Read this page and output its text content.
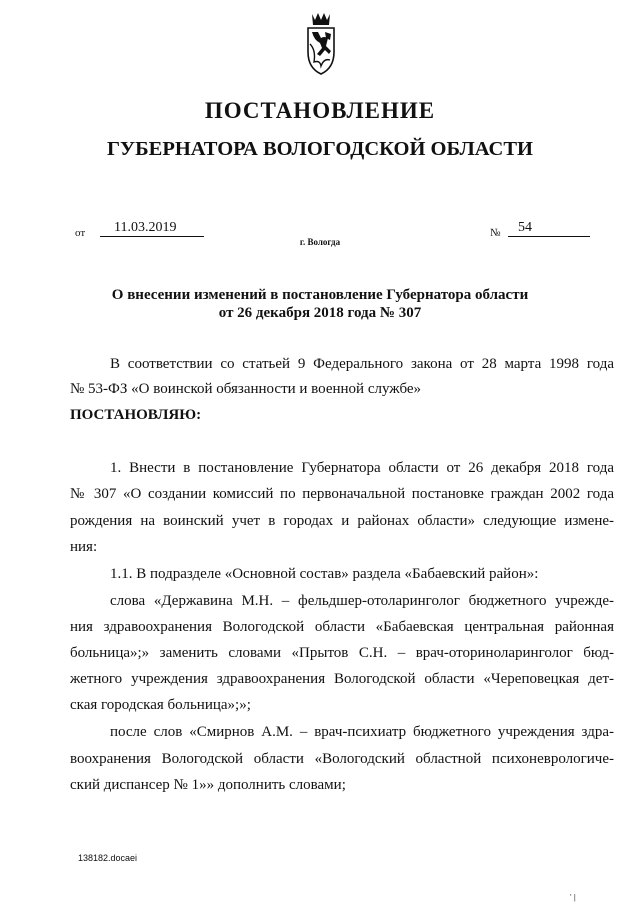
ПОСТАНОВЛЕНИЕ
ГУБЕРНАТОРА ВОЛОГОДСКОЙ ОБЛАСТИ
от	11.03.2019	№	54
г. Вологда
О внесении изменений в постановление Губернатора области
от 26 декабря 2018 года № 307
В соответствии со статьей 9 Федерального закона от 28 марта 1998 года
№ 53-ФЗ «О воинской обязанности и военной службе»
ПОСТАНОВЛЯЮ:
1. Внести в постановление Губернатора области от 26 декабря 2018 года
№ 307 «О создании комиссий по первоначальной постановке граждан 2002 года
рождения на воинский учет в городах и районах области» следующие измене-
ния:
1.1. В подразделе «Основной состав» раздела «Бабаевский район»:
слова «Державина М.Н. – фельдшер-отоларинголог бюджетного учрежде-
ния здравоохранения Вологодской области «Бабаевская центральная районная
больница»;» заменить словами «Прытов С.Н. – врач-оториноларинголог бюд-
жетного учреждения здравоохранения Вологодской области «Череповецкая дет-
ская городская больница»;»;
после слов «Смирнов А.М. – врач-психиатр бюджетного учреждения здра-
воохранения Вологодской области «Вологодский областной психоневрологиче-
ский диспансер № 1»» дополнить словами;
138182.docaei
' |
